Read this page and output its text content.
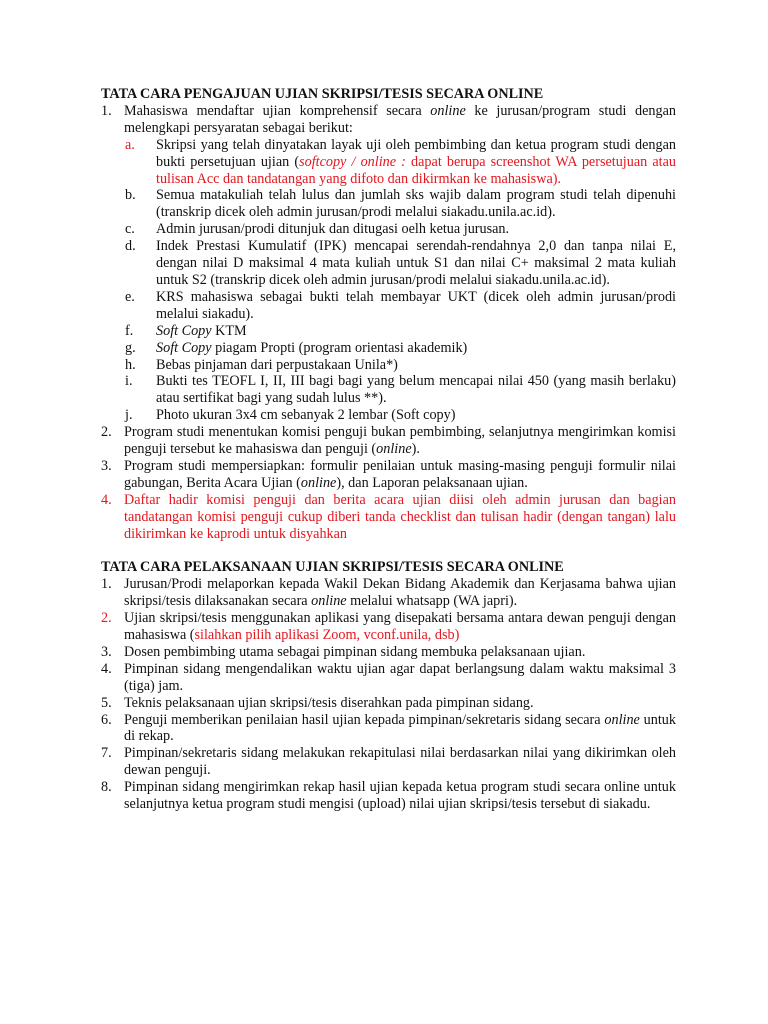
TATA CARA PENGAJUAN UJIAN SKRIPSI/TESIS SECARA ONLINE

1. Mahasiswa mendaftar ujian komprehensif secara online ke jurusan/program studi dengan melengkapi persyaratan sebagai berikut:
a. Skripsi yang telah dinyatakan layak uji oleh pembimbing dan ketua program studi dengan bukti persetujuan ujian (softcopy / online : dapat berupa screenshot WA persetujuan atau tulisan Acc dan tandatangan yang difoto dan dikirmkan ke mahasiswa).
b. Semua matakuliah telah lulus dan jumlah sks wajib dalam program studi telah dipenuhi (transkrip dicek oleh admin jurusan/prodi melalui siakadu.unila.ac.id).
c. Admin jurusan/prodi ditunjuk dan ditugasi oelh ketua jurusan.
d. Indek Prestasi Kumulatif (IPK) mencapai serendah-rendahnya 2,0 dan tanpa nilai E, dengan nilai D maksimal 4 mata kuliah untuk S1 dan nilai C+ maksimal 2 mata kuliah untuk S2 (transkrip dicek oleh admin jurusan/prodi melalui siakadu.unila.ac.id).
e. KRS mahasiswa sebagai bukti telah membayar UKT (dicek oleh admin jurusan/prodi melalui siakadu).
f. Soft Copy KTM
g. Soft Copy piagam Propti (program orientasi akademik)
h. Bebas pinjaman dari perpustakaan Unila*)
i. Bukti tes TEOFL I, II, III bagi bagi yang belum mencapai nilai 450 (yang masih berlaku) atau sertifikat bagi yang sudah lulus **).
j. Photo ukuran 3x4 cm sebanyak 2 lembar (Soft copy)
2. Program studi menentukan komisi penguji bukan pembimbing, selanjutnya mengirimkan komisi penguji tersebut ke mahasiswa dan penguji (online).
3. Program studi mempersiapkan: formulir penilaian untuk masing-masing penguji formulir nilai gabungan, Berita Acara Ujian (online), dan Laporan pelaksanaan ujian.
4. Daftar hadir komisi penguji dan berita acara ujian diisi oleh admin jurusan dan bagian tandatangan komisi penguji cukup diberi tanda checklist dan tulisan hadir (dengan tangan) lalu dikirimkan ke kaprodi untuk disyahkan

TATA CARA PELAKSANAAN UJIAN SKRIPSI/TESIS SECARA ONLINE

1. Jurusan/Prodi melaporkan kepada Wakil Dekan Bidang Akademik dan Kerjasama bahwa ujian skripsi/tesis dilaksanakan secara online melalui whatsapp (WA japri).
2. Ujian skripsi/tesis menggunakan aplikasi yang disepakati bersama antara dewan penguji dengan mahasiswa (silahkan pilih aplikasi Zoom, vconf.unila, dsb)
3. Dosen pembimbing utama sebagai pimpinan sidang membuka pelaksanaan ujian.
4. Pimpinan sidang mengendalikan waktu ujian agar dapat berlangsung dalam waktu maksimal 3 (tiga) jam.
5. Teknis pelaksanaan ujian skripsi/tesis diserahkan pada pimpinan sidang.
6. Penguji memberikan penilaian hasil ujian kepada pimpinan/sekretaris sidang secara online untuk di rekap.
7. Pimpinan/sekretaris sidang melakukan rekapitulasi nilai berdasarkan nilai yang dikirimkan oleh dewan penguji.
8. Pimpinan sidang mengirimkan rekap hasil ujian kepada ketua program studi secara online untuk selanjutnya ketua program studi mengisi (upload) nilai ujian skripsi/tesis tersebut di siakadu.
